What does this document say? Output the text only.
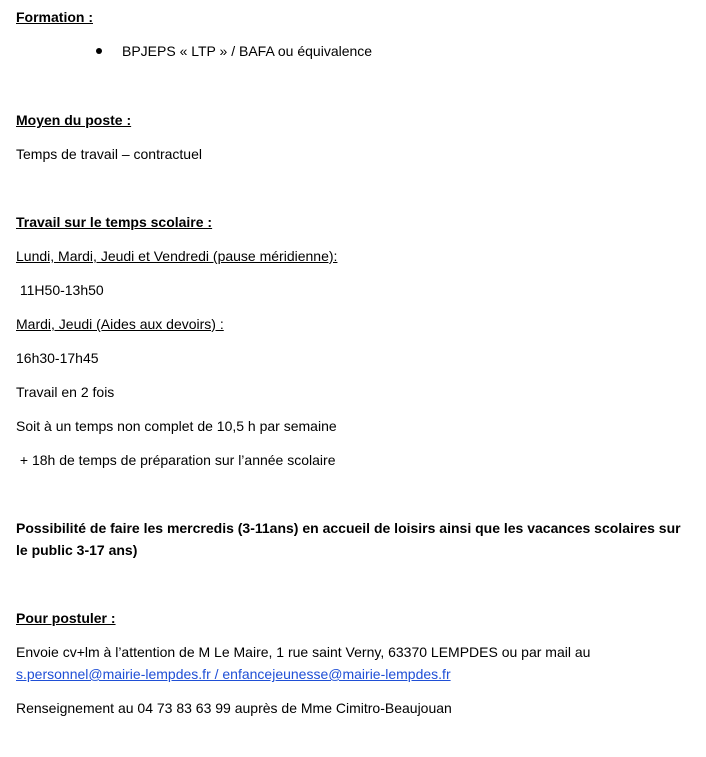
Formation :
BPJEPS « LTP » / BAFA ou équivalence
Moyen du poste :
Temps de travail – contractuel
Travail sur le temps scolaire :
Lundi, Mardi, Jeudi et Vendredi (pause méridienne):
11H50-13h50
Mardi, Jeudi (Aides aux devoirs) :
16h30-17h45
Travail en 2 fois
Soit à un temps non complet de 10,5 h par semaine
+ 18h de temps de préparation sur l’année scolaire
Possibilité de faire les mercredis (3-11ans) en accueil de loisirs ainsi que les vacances scolaires sur le public 3-17 ans)
Pour postuler :
Envoie cv+lm à l’attention de M Le Maire, 1 rue saint Verny, 63370 LEMPDES ou par mail au
s.personnel@mairie-lempdes.fr / enfancejeunesse@mairie-lempdes.fr
Renseignement au 04 73 83 63 99 auprès de Mme Cimitro-Beaujouan
